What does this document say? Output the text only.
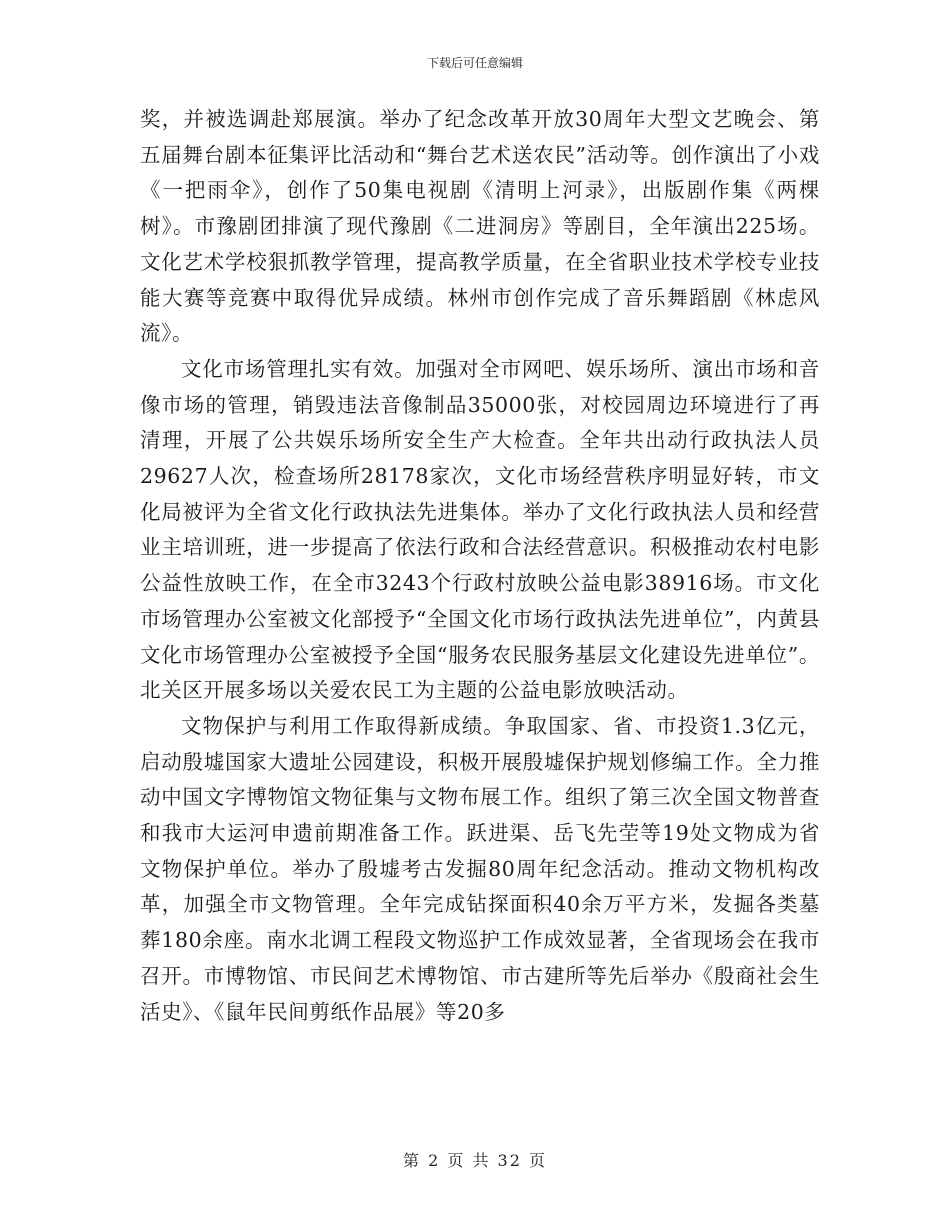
下载后可任意编辑

奖，并被选调赴郑展演。举办了纪念改革开放30周年大型文艺晚会、第五届舞台剧本征集评比活动和“舞台艺术送农民”活动等。创作演出了小戏《一把雨伞》，创作了50集电视剧《清明上河录》，出版剧作集《两棵树》。市豫剧团排演了现代豫剧《二进洞房》等剧目，全年演出225场。文化艺术学校狠抓教学管理，提高教学质量，在全省职业技术学校专业技能大赛等竞赛中取得优异成绩。林州市创作完成了音乐舞蹈剧《林虑风流》。

文化市场管理扎实有效。加强对全市网吧、娱乐场所、演出市场和音像市场的管理，销毁违法音像制品35000张，对校园周边环境进行了再清理，开展了公共娱乐场所安全生产大检查。全年共出动行政执法人员29627人次，检查场所28178家次，文化市场经营秩序明显好转，市文化局被评为全省文化行政执法先进集体。举办了文化行政执法人员和经营业主培训班，进一步提高了依法行政和合法经营意识。积极推动农村电影公益性放映工作，在全市3243个行政村放映公益电影38916场。市文化市场管理办公室被文化部授予“全国文化市场行政执法先进单位”，内黄县文化市场管理办公室被授予全国“服务农民服务基层文化建设先进单位”。北关区开展多场以关爱农民工为主题的公益电影放映活动。

文物保护与利用工作取得新成绩。争取国家、省、市投资1.3亿元，启动殷墟国家大遗址公园建设，积极开展殷墟保护规划修编工作。全力推动中国文字博物馆文物征集与文物布展工作。组织了第三次全国文物普查和我市大运河申遗前期准备工作。跃进渠、岳飞先茔等19处文物成为省文物保护单位。举办了殷墟考古发掘80周年纪念活动。推动文物机构改革，加强全市文物管理。全年完成钻探面积40余万平方米，发掘各类墓葬180余座。南水北调工程段文物巡护工作成效显著，全省现场会在我市召开。市博物馆、市民间艺术博物馆、市古建所等先后举办《殷商社会生活史》、《鼠年民间剪纸作品展》等20多

第 2 页 共 32 页
